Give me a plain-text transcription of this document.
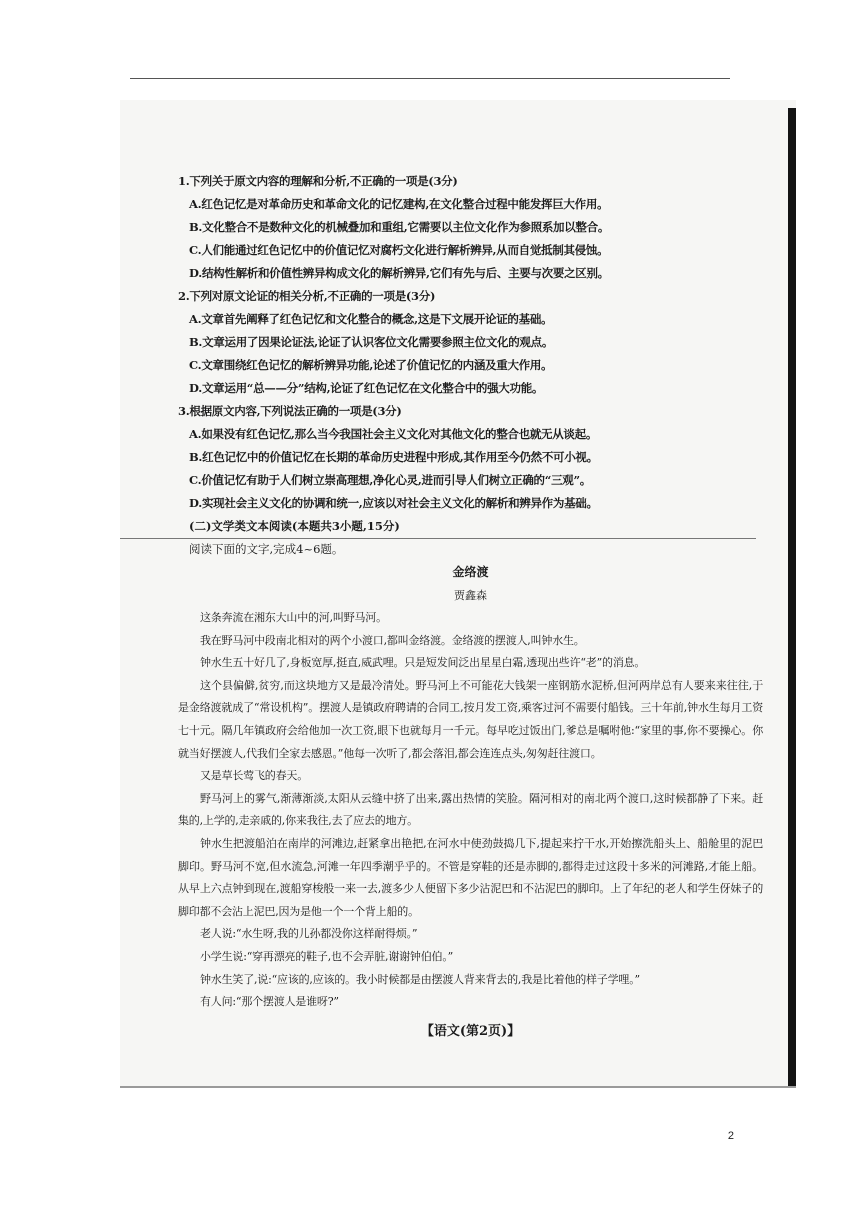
1.下列关于原文内容的理解和分析,不正确的一项是(3分)
A.红色记忆是对革命历史和革命文化的记忆建构,在文化整合过程中能发挥巨大作用。
B.文化整合不是数种文化的机械叠加和重组,它需要以主位文化作为参照系加以整合。
C.人们能通过红色记忆中的价值记忆对腐朽文化进行解析辨异,从而自觉抵制其侵蚀。
D.结构性解析和价值性辨异构成文化的解析辨异,它们有先与后、主要与次要之区别。
2.下列对原文论证的相关分析,不正确的一项是(3分)
A.文章首先阐释了红色记忆和文化整合的概念,这是下文展开论证的基础。
B.文章运用了因果论证法,论证了认识客位文化需要参照主位文化的观点。
C.文章围绕红色记忆的解析辨异功能,论述了价值记忆的内涵及重大作用。
D.文章运用“总——分”结构,论证了红色记忆在文化整合中的强大功能。
3.根据原文内容,下列说法正确的一项是(3分)
A.如果没有红色记忆,那么当今我国社会主义文化对其他文化的整合也就无从谈起。
B.红色记忆中的价值记忆在长期的革命历史进程中形成,其作用至今仍然不可小视。
C.价值记忆有助于人们树立崇高理想,净化心灵,进而引导人们树立正确的“三观”。
D.实现社会主义文化的协调和统一,应该以对社会主义文化的解析和辨异作为基础。
(二)文学类文本阅读(本题共3小题,15分)
阅读下面的文字,完成4~6题。
金络渡
贾鑫森

这条奔流在湘东大山中的河,叫野马河。

我在野马河中段南北相对的两个小渡口,都叫金络渡。金络渡的摆渡人,叫钟水生。

钟水生五十好几了,身板宽厚,挺直,威武哩。只是短发间泛出星星白霜,透现出些许“老”的消息。

这个县偏僻,贫穷,而这块地方又是最冷清处。野马河上不可能花大钱架一座钢筋水泥桥,但河两岸总有人要来来往往,于是金络渡就成了“常设机构”。摆渡人是镇政府聘请的合同工,按月发工资,乘客过河不需要付船钱。三十年前,钟水生每月工资七十元。隔几年镇政府会给他加一次工资,眼下也就每月一千元。每早吃过饭出门,爹总是嘱咐他:“家里的事,你不要操心。你就当好摆渡人,代我们全家去感恩。”他每一次听了,都会落泪,都会连连点头,匆匆赶往渡口。

又是草长莺飞的春天。

野马河上的雾气,渐薄渐淡,太阳从云缝中挤了出来,露出热情的笑脸。隔河相对的南北两个渡口,这时候都静了下来。赶集的,上学的,走亲戚的,你来我往,去了应去的地方。

钟水生把渡船泊在南岸的河滩边,赶紧拿出艳把,在河水中使劲鼓捣几下,提起来拧干水,开始擦洗船头上、船舱里的泥巴脚印。野马河不宽,但水流急,河滩一年四季潮乎乎的。不管是穿鞋的还是赤脚的,都得走过这段十多米的河滩路,才能上船。从早上六点钟到现在,渡船穿梭般一来一去,渡多少人便留下多少沾泥巴和不沾泥巴的脚印。上了年纪的老人和学生伢妹子的脚印都不会沾上泥巴,因为是他一个一个背上船的。

老人说:“水生呀,我的儿孙都没你这样耐得烦。”

小学生说:“穿再漂亮的鞋子,也不会弄脏,谢谢钟伯伯。”

钟水生笑了,说:“应该的,应该的。我小时候都是由摆渡人背来背去的,我是比着他的样子学哩。”

有人问:“那个摆渡人是谁呀?”

【语文(第2页)】
2
